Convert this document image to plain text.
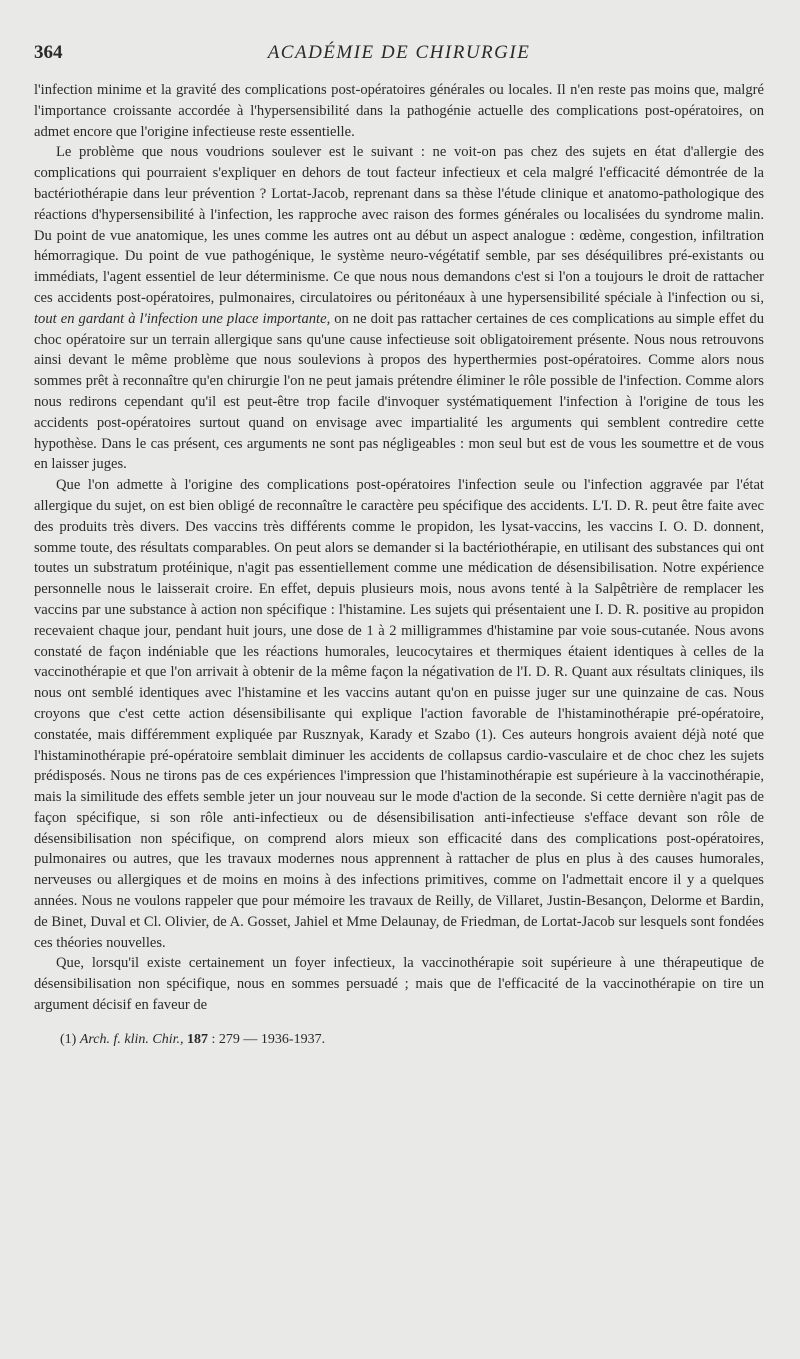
364	ACADÉMIE DE CHIRURGIE

l'infection minime et la gravité des complications post-opératoires générales ou locales. Il n'en reste pas moins que, malgré l'importance croissante accordée à l'hypersensibilité dans la pathogénie actuelle des complications post-opératoires, on admet encore que l'origine infectieuse reste essentielle.

Le problème que nous voudrions soulever est le suivant : ne voit-on pas chez des sujets en état d'allergie des complications qui pourraient s'expliquer en dehors de tout facteur infectieux et cela malgré l'efficacité démontrée de la bactériothérapie dans leur prévention ? Lortat-Jacob, reprenant dans sa thèse l'étude clinique et anatomo-pathologique des réactions d'hypersensibilité à l'infection, les rapproche avec raison des formes générales ou localisées du syndrome malin. Du point de vue anatomique, les unes comme les autres ont au début un aspect analogue : œdème, congestion, infiltration hémorragique. Du point de vue pathogénique, le système neuro-végétatif semble, par ses déséquilibres pré-existants ou immédiats, l'agent essentiel de leur déterminisme. Ce que nous nous demandons c'est si l'on a toujours le droit de rattacher ces accidents post-opératoires, pulmonaires, circulatoires ou péritonéaux à une hypersensibilité spéciale à l'infection ou si, tout en gardant à l'infection une place importante, on ne doit pas rattacher certaines de ces complications au simple effet du choc opératoire sur un terrain allergique sans qu'une cause infectieuse soit obligatoirement présente. Nous nous retrouvons ainsi devant le même problème que nous soulevions à propos des hyperthermies post-opératoires. Comme alors nous sommes prêt à reconnaître qu'en chirurgie l'on ne peut jamais prétendre éliminer le rôle possible de l'infection. Comme alors nous redirons cependant qu'il est peut-être trop facile d'invoquer systématiquement l'infection à l'origine de tous les accidents post-opératoires surtout quand on envisage avec impartialité les arguments qui semblent contredire cette hypothèse. Dans le cas présent, ces arguments ne sont pas négligeables : mon seul but est de vous les soumettre et de vous en laisser juges.

Que l'on admette à l'origine des complications post-opératoires l'infection seule ou l'infection aggravée par l'état allergique du sujet, on est bien obligé de reconnaître le caractère peu spécifique des accidents. L'I. D. R. peut être faite avec des produits très divers. Des vaccins très différents comme le propidon, les lysat-vaccins, les vaccins I. O. D. donnent, somme toute, des résultats comparables. On peut alors se demander si la bactériothérapie, en utilisant des substances qui ont toutes un substratum protéinique, n'agit pas essentiellement comme une médication de désensibilisation. Notre expérience personnelle nous le laisserait croire. En effet, depuis plusieurs mois, nous avons tenté à la Salpêtrière de remplacer les vaccins par une substance à action non spécifique : l'histamine. Les sujets qui présentaient une I. D. R. positive au propidon recevaient chaque jour, pendant huit jours, une dose de 1 à 2 milligrammes d'histamine par voie sous-cutanée. Nous avons constaté de façon indéniable que les réactions humorales, leucocytaires et thermiques étaient identiques à celles de la vaccinothérapie et que l'on arrivait à obtenir de la même façon la négativation de l'I. D. R. Quant aux résultats cliniques, ils nous ont semblé identiques avec l'histamine et les vaccins autant qu'on en puisse juger sur une quinzaine de cas. Nous croyons que c'est cette action désensibilisante qui explique l'action favorable de l'histaminothérapie pré-opératoire, constatée, mais différemment expliquée par Rusznyak, Karady et Szabo (1). Ces auteurs hongrois avaient déjà noté que l'histaminothérapie pré-opératoire semblait diminuer les accidents de collapsus cardio-vasculaire et de choc chez les sujets prédisposés. Nous ne tirons pas de ces expériences l'impression que l'histaminothérapie est supérieure à la vaccinothérapie, mais la similitude des effets semble jeter un jour nouveau sur le mode d'action de la seconde. Si cette dernière n'agit pas de façon spécifique, si son rôle anti-infectieux ou de désensibilisation anti-infectieuse s'efface devant son rôle de désensibilisation non spécifique, on comprend alors mieux son efficacité dans des complications post-opératoires, pulmonaires ou autres, que les travaux modernes nous apprennent à rattacher de plus en plus à des causes humorales, nerveuses ou allergiques et de moins en moins à des infections primitives, comme on l'admettait encore il y a quelques années. Nous ne voulons rappeler que pour mémoire les travaux de Reilly, de Villaret, Justin-Besançon, Delorme et Bardin, de Binet, Duval et Cl. Olivier, de A. Gosset, Jahiel et Mme Delaunay, de Friedman, de Lortat-Jacob sur lesquels sont fondées ces théories nouvelles.

Que, lorsqu'il existe certainement un foyer infectieux, la vaccinothérapie soit supérieure à une thérapeutique de désensibilisation non spécifique, nous en sommes persuadé ; mais que de l'efficacité de la vaccinothérapie on tire un argument décisif en faveur de

(1) Arch. f. klin. Chir., 187 : 279 — 1936-1937.
